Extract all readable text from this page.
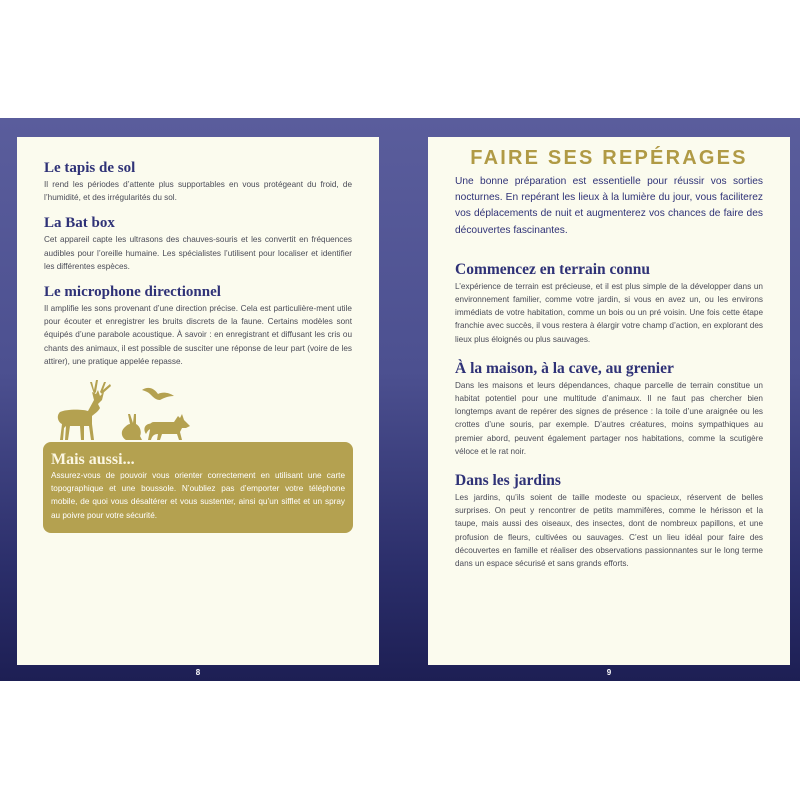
Le tapis de sol

Il rend les périodes d’attente plus supportables en vous protégeant du froid, de l’humidité, et des irrégularités du sol.

La Bat box

Cet appareil capte les ultrasons des chauves-souris et les convertit en fréquences audibles pour l’oreille humaine. Les spécialistes l’utilisent pour localiser et identifier les différentes espèces.

Le microphone directionnel

Il amplifie les sons provenant d’une direction précise. Cela est particulière-ment utile pour écouter et enregistrer les bruits discrets de la faune. Certains modèles sont équipés d’une parabole acoustique. À savoir : en enregistrant et diffusant les cris ou chants des animaux, il est possible de susciter une réponse de leur part (voire de les attirer), une pratique appelée repasse.

Mais aussi...

Assurez-vous de pouvoir vous orienter correctement en utilisant une carte topographique et une boussole. N’oubliez pas d’emporter votre téléphone mobile, de quoi vous désaltérer et vous sustenter, ainsi qu’un sifflet et un spray au poivre pour votre sécurité.

8
FAIRE SES REPÉRAGES
Une bonne préparation est essentielle pour réussir vos sorties nocturnes. En repérant les lieux à la lumière du jour, vous faciliterez vos déplacements de nuit et augmenterez vos chances de faire des découvertes fascinantes.
Commencez en terrain connu

L’expérience de terrain est précieuse, et il est plus simple de la développer dans un environnement familier, comme votre jardin, si vous en avez un, ou les environs immédiats de votre habitation, comme un bois ou un pré voisin. Une fois cette étape franchie avec succès, il vous restera à élargir votre champ d’action, en explorant des lieux plus éloignés ou plus sauvages.

À la maison, à la cave, au grenier

Dans les maisons et leurs dépendances, chaque parcelle de terrain constitue un habitat potentiel pour une multitude d’animaux. Il ne faut pas chercher bien longtemps avant de repérer des signes de présence : la toile d’une araignée ou les crottes d’une souris, par exemple. D’autres créatures, moins sympathiques au premier abord, peuvent également partager nos habitations, comme la scutigère véloce et le rat noir.

Dans les jardins

Les jardins, qu’ils soient de taille modeste ou spacieux, réservent de belles surprises. On peut y rencontrer de petits mammifères, comme le hérisson et la taupe, mais aussi des oiseaux, des insectes, dont de nombreux papillons, et une profusion de fleurs, cultivées ou sauvages. C’est un lieu idéal pour faire des découvertes en famille et réaliser des observations passionnantes sur le long terme dans un espace sécurisé et sans grands efforts.

9
